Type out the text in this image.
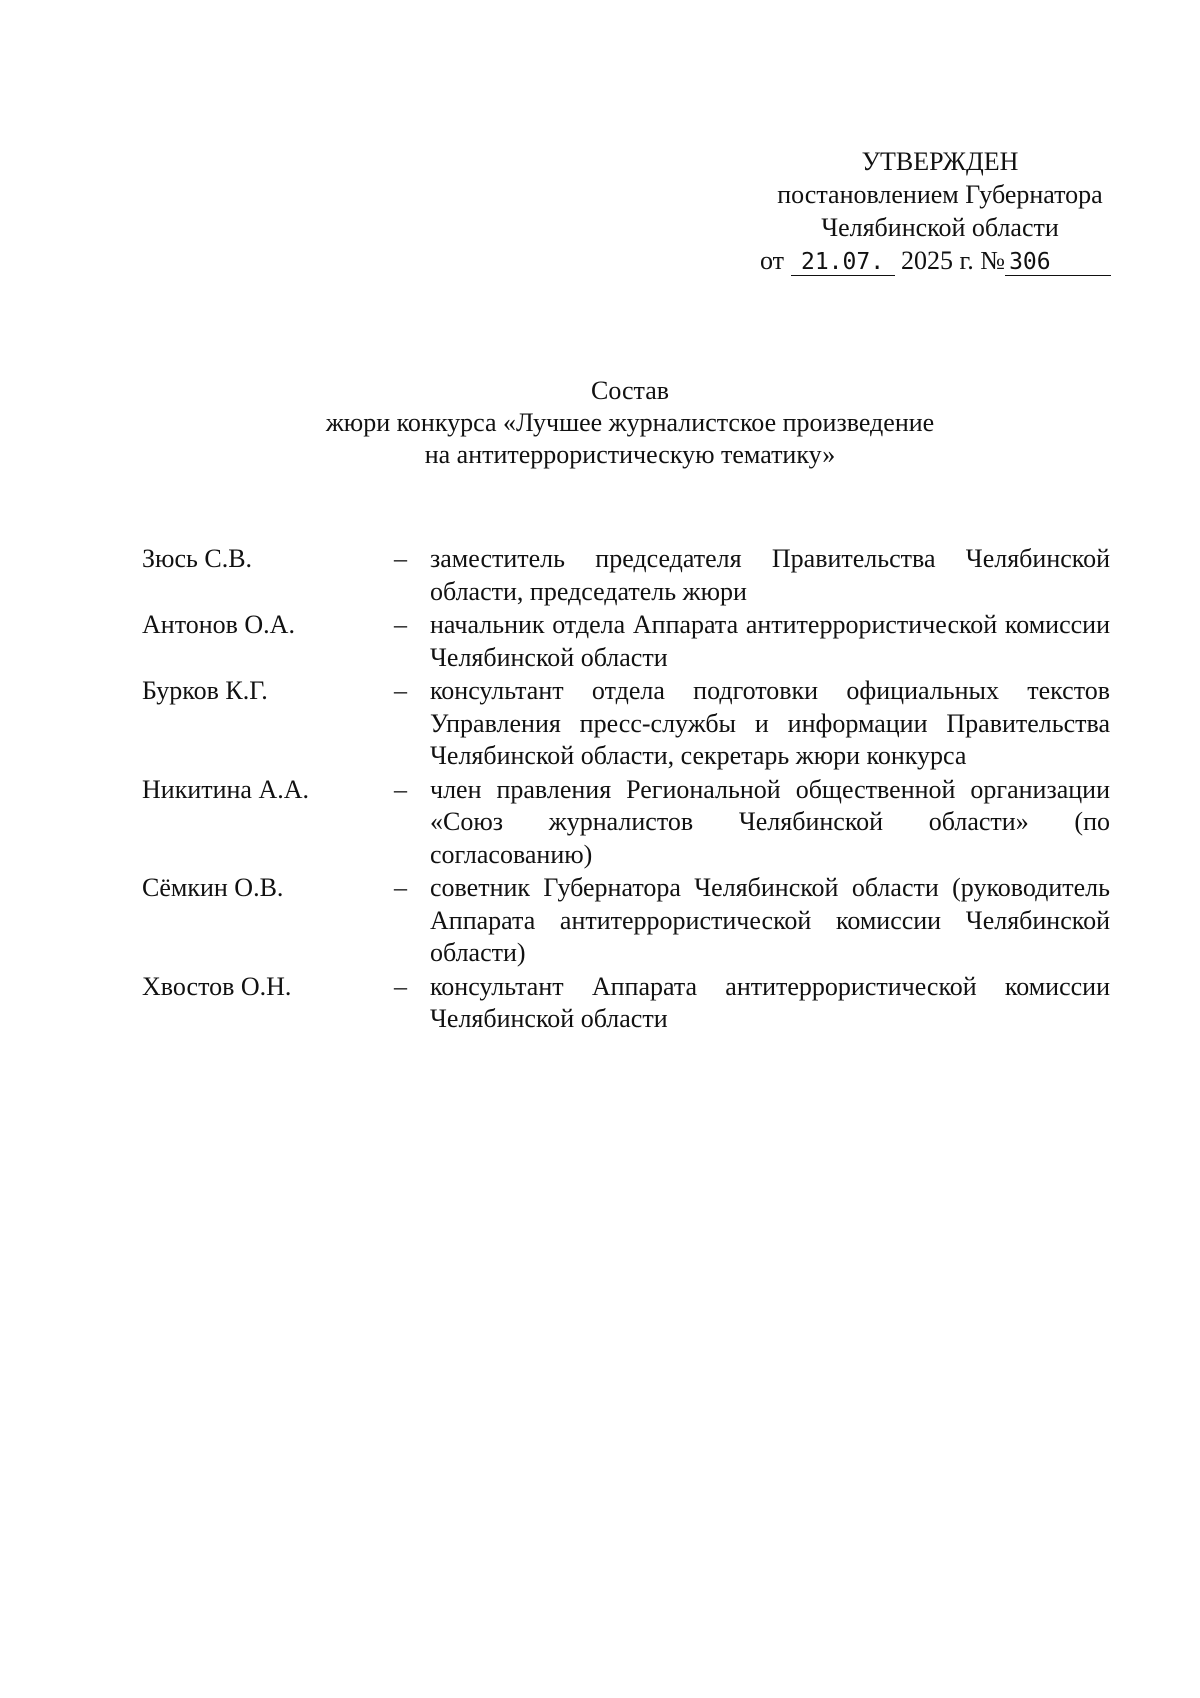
УТВЕРЖДЕН
постановлением Губернатора
Челябинской области
от 21.07. 2025 г. № 306
Состав
жюри конкурса «Лучшее журналистское произведение
на антитеррористическую тематику»
Зюсь С.В.	– заместитель председателя Правительства Челябинской области, председатель жюри
Антонов О.А.	– начальник отдела Аппарата антитеррористической комиссии Челябинской области
Бурков К.Г.	– консультант отдела подготовки официальных текстов Управления пресс-службы и информации Правительства Челябинской области, секретарь жюри конкурса
Никитина А.А.	– член правления Региональной общественной организации «Союз журналистов Челябинской области» (по согласованию)
Сёмкин О.В.	– советник Губернатора Челябинской области (руководитель Аппарата антитеррористической комиссии Челябинской области)
Хвостов О.Н.	– консультант Аппарата антитеррористической комиссии Челябинской области
